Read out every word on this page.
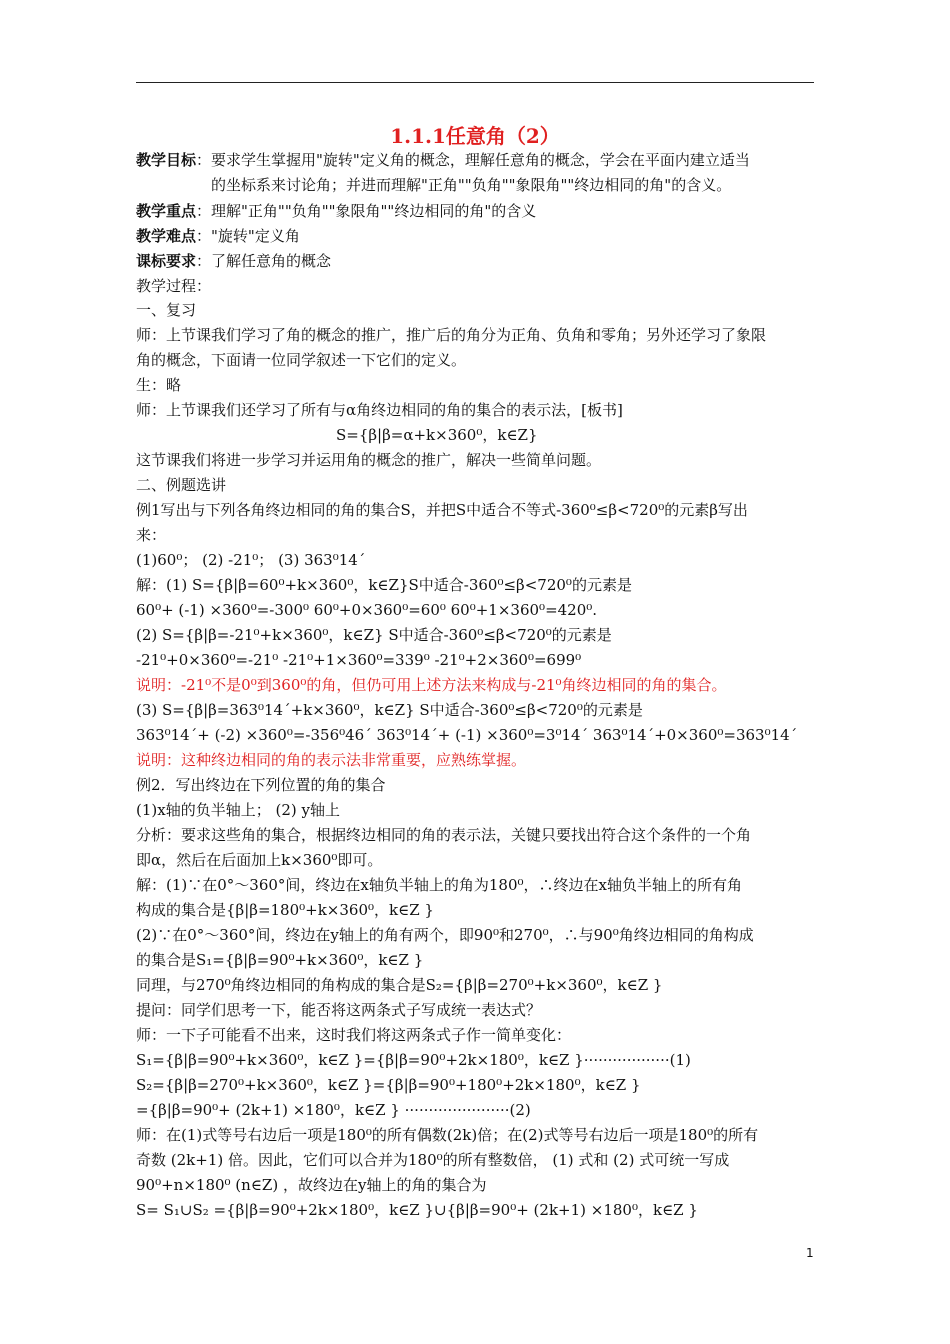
1.1.1任意角（2）
教学目标：要求学生掌握用"旋转"定义角的概念，理解任意角的概念，学会在平面内建立适当
的坐标系来讨论角；并进而理解"正角""负角""象限角""终边相同的角"的含义。
教学重点：理解"正角""负角""象限角""终边相同的角"的含义
教学难点："旋转"定义角
课标要求：了解任意角的概念
教学过程：
一、复习
师：上节课我们学习了角的概念的推广，推广后的角分为正角、负角和零角；另外还学习了象限
角的概念，下面请一位同学叙述一下它们的定义。
生：略
师：上节课我们还学习了所有与α角终边相同的角的集合的表示法，[板书]
S={β|β=α+k×360⁰，k∈Z}
这节课我们将进一步学习并运用角的概念的推广，解决一些简单问题。
二、例题选讲
例1写出与下列各角终边相同的角的集合S，并把S中适合不等式-360⁰≤β<720⁰的元素β写出
来：
(1)60⁰； (2) -21⁰； (3) 363⁰14ˊ
解：(1) S={β|β=60⁰+k×360⁰，k∈Z}S中适合-360⁰≤β<720⁰的元素是
60⁰+ (-1) ×360⁰=-300⁰ 60⁰+0×360⁰=60⁰ 60⁰+1×360⁰=420⁰.
(2) S={β|β=-21⁰+k×360⁰，k∈Z} S中适合-360⁰≤β<720⁰的元素是
-21⁰+0×360⁰=-21⁰ -21⁰+1×360⁰=339⁰ -21⁰+2×360⁰=699⁰
说明：-21⁰不是0⁰到360⁰的角，但仍可用上述方法来构成与-21⁰角终边相同的角的集合。
(3) S={β|β=363⁰14ˊ+k×360⁰，k∈Z} S中适合-360⁰≤β<720⁰的元素是
363⁰14ˊ+ (-2) ×360⁰=-356⁰46ˊ 363⁰14ˊ+ (-1) ×360⁰=3⁰14ˊ 363⁰14ˊ+0×360⁰=363⁰14ˊ
说明：这种终边相同的角的表示法非常重要，应熟练掌握。
例2．写出终边在下列位置的角的集合
(1)x轴的负半轴上； (2) y轴上
分析：要求这些角的集合，根据终边相同的角的表示法，关键只要找出符合这个条件的一个角
即α，然后在后面加上k×360⁰即可。
解：(1)∵在0°～360°间，终边在x轴负半轴上的角为180⁰，∴终边在x轴负半轴上的所有角
构成的集合是{β|β=180⁰+k×360⁰，k∈Z }
(2)∵在0°～360°间，终边在y轴上的角有两个，即90⁰和270⁰，∴与90⁰角终边相同的角构成
的集合是S₁={β|β=90⁰+k×360⁰，k∈Z }
同理，与270⁰角终边相同的角构成的集合是S₂={β|β=270⁰+k×360⁰，k∈Z }
提问：同学们思考一下，能否将这两条式子写成统一表达式？
师：一下子可能看不出来，这时我们将这两条式子作一简单变化：
S₁={β|β=90⁰+k×360⁰，k∈Z }={β|β=90⁰+2k×180⁰，k∈Z }··················(1)
S₂={β|β=270⁰+k×360⁰，k∈Z }={β|β=90⁰+180⁰+2k×180⁰，k∈Z }
={β|β=90⁰+ (2k+1) ×180⁰，k∈Z } ······················(2)
师：在(1)式等号右边后一项是180⁰的所有偶数(2k)倍；在(2)式等号右边后一项是180⁰的所有
奇数 (2k+1) 倍。因此，它们可以合并为180⁰的所有整数倍， (1) 式和 (2) 式可统一写成
90⁰+n×180⁰ (n∈Z) ，故终边在y轴上的角的集合为
S= S₁∪S₂ ={β|β=90⁰+2k×180⁰，k∈Z }∪{β|β=90⁰+ (2k+1) ×180⁰，k∈Z }
1
